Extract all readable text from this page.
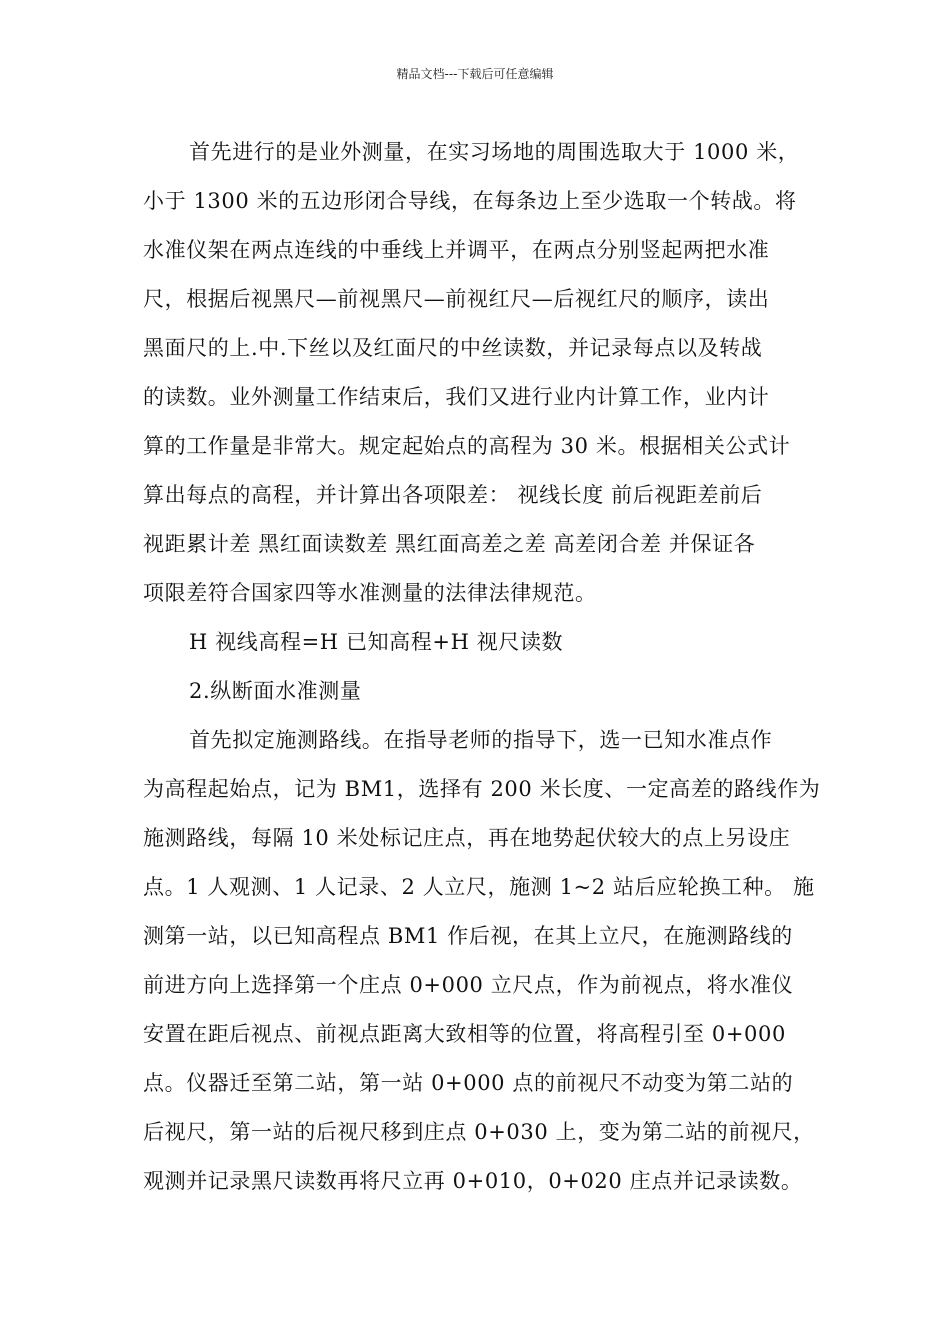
精品文档---下载后可任意编辑

首先进行的是业外测量，在实习场地的周围选取大于 1000 米，
小于 1300 米的五边形闭合导线，在每条边上至少选取一个转战。将
水准仪架在两点连线的中垂线上并调平，在两点分别竖起两把水准
尺，根据后视黑尺—前视黑尺—前视红尺—后视红尺的顺序，读出
黑面尺的上.中.下丝以及红面尺的中丝读数，并记录每点以及转战
的读数。业外测量工作结束后，我们又进行业内计算工作，业内计
算的工作量是非常大。规定起始点的高程为 30 米。根据相关公式计
算出每点的高程，并计算出各项限差： 视线长度 前后视距差前后
视距累计差 黑红面读数差 黑红面高差之差 高差闭合差 并保证各
项限差符合国家四等水准测量的法律法律规范。

H 视线高程=H 已知高程+H 视尺读数

2.纵断面水准测量

首先拟定施测路线。在指导老师的指导下，选一已知水准点作
为高程起始点，记为 BM1，选择有 200 米长度、一定高差的路线作为
施测路线，每隔 10 米处标记庄点，再在地势起伏较大的点上另设庄
点。1 人观测、1 人记录、2 人立尺，施测 1~2 站后应轮换工种。 施
测第一站，以已知高程点 BM1 作后视，在其上立尺，在施测路线的
前进方向上选择第一个庄点 0+000 立尺点，作为前视点，将水准仪
安置在距后视点、前视点距离大致相等的位置，将高程引至 0+000
点。仪器迁至第二站，第一站 0+000 点的前视尺不动变为第二站的
后视尺，第一站的后视尺移到庄点 0+030 上，变为第二站的前视尺，
观测并记录黑尺读数再将尺立再 0+010，0+020 庄点并记录读数。
